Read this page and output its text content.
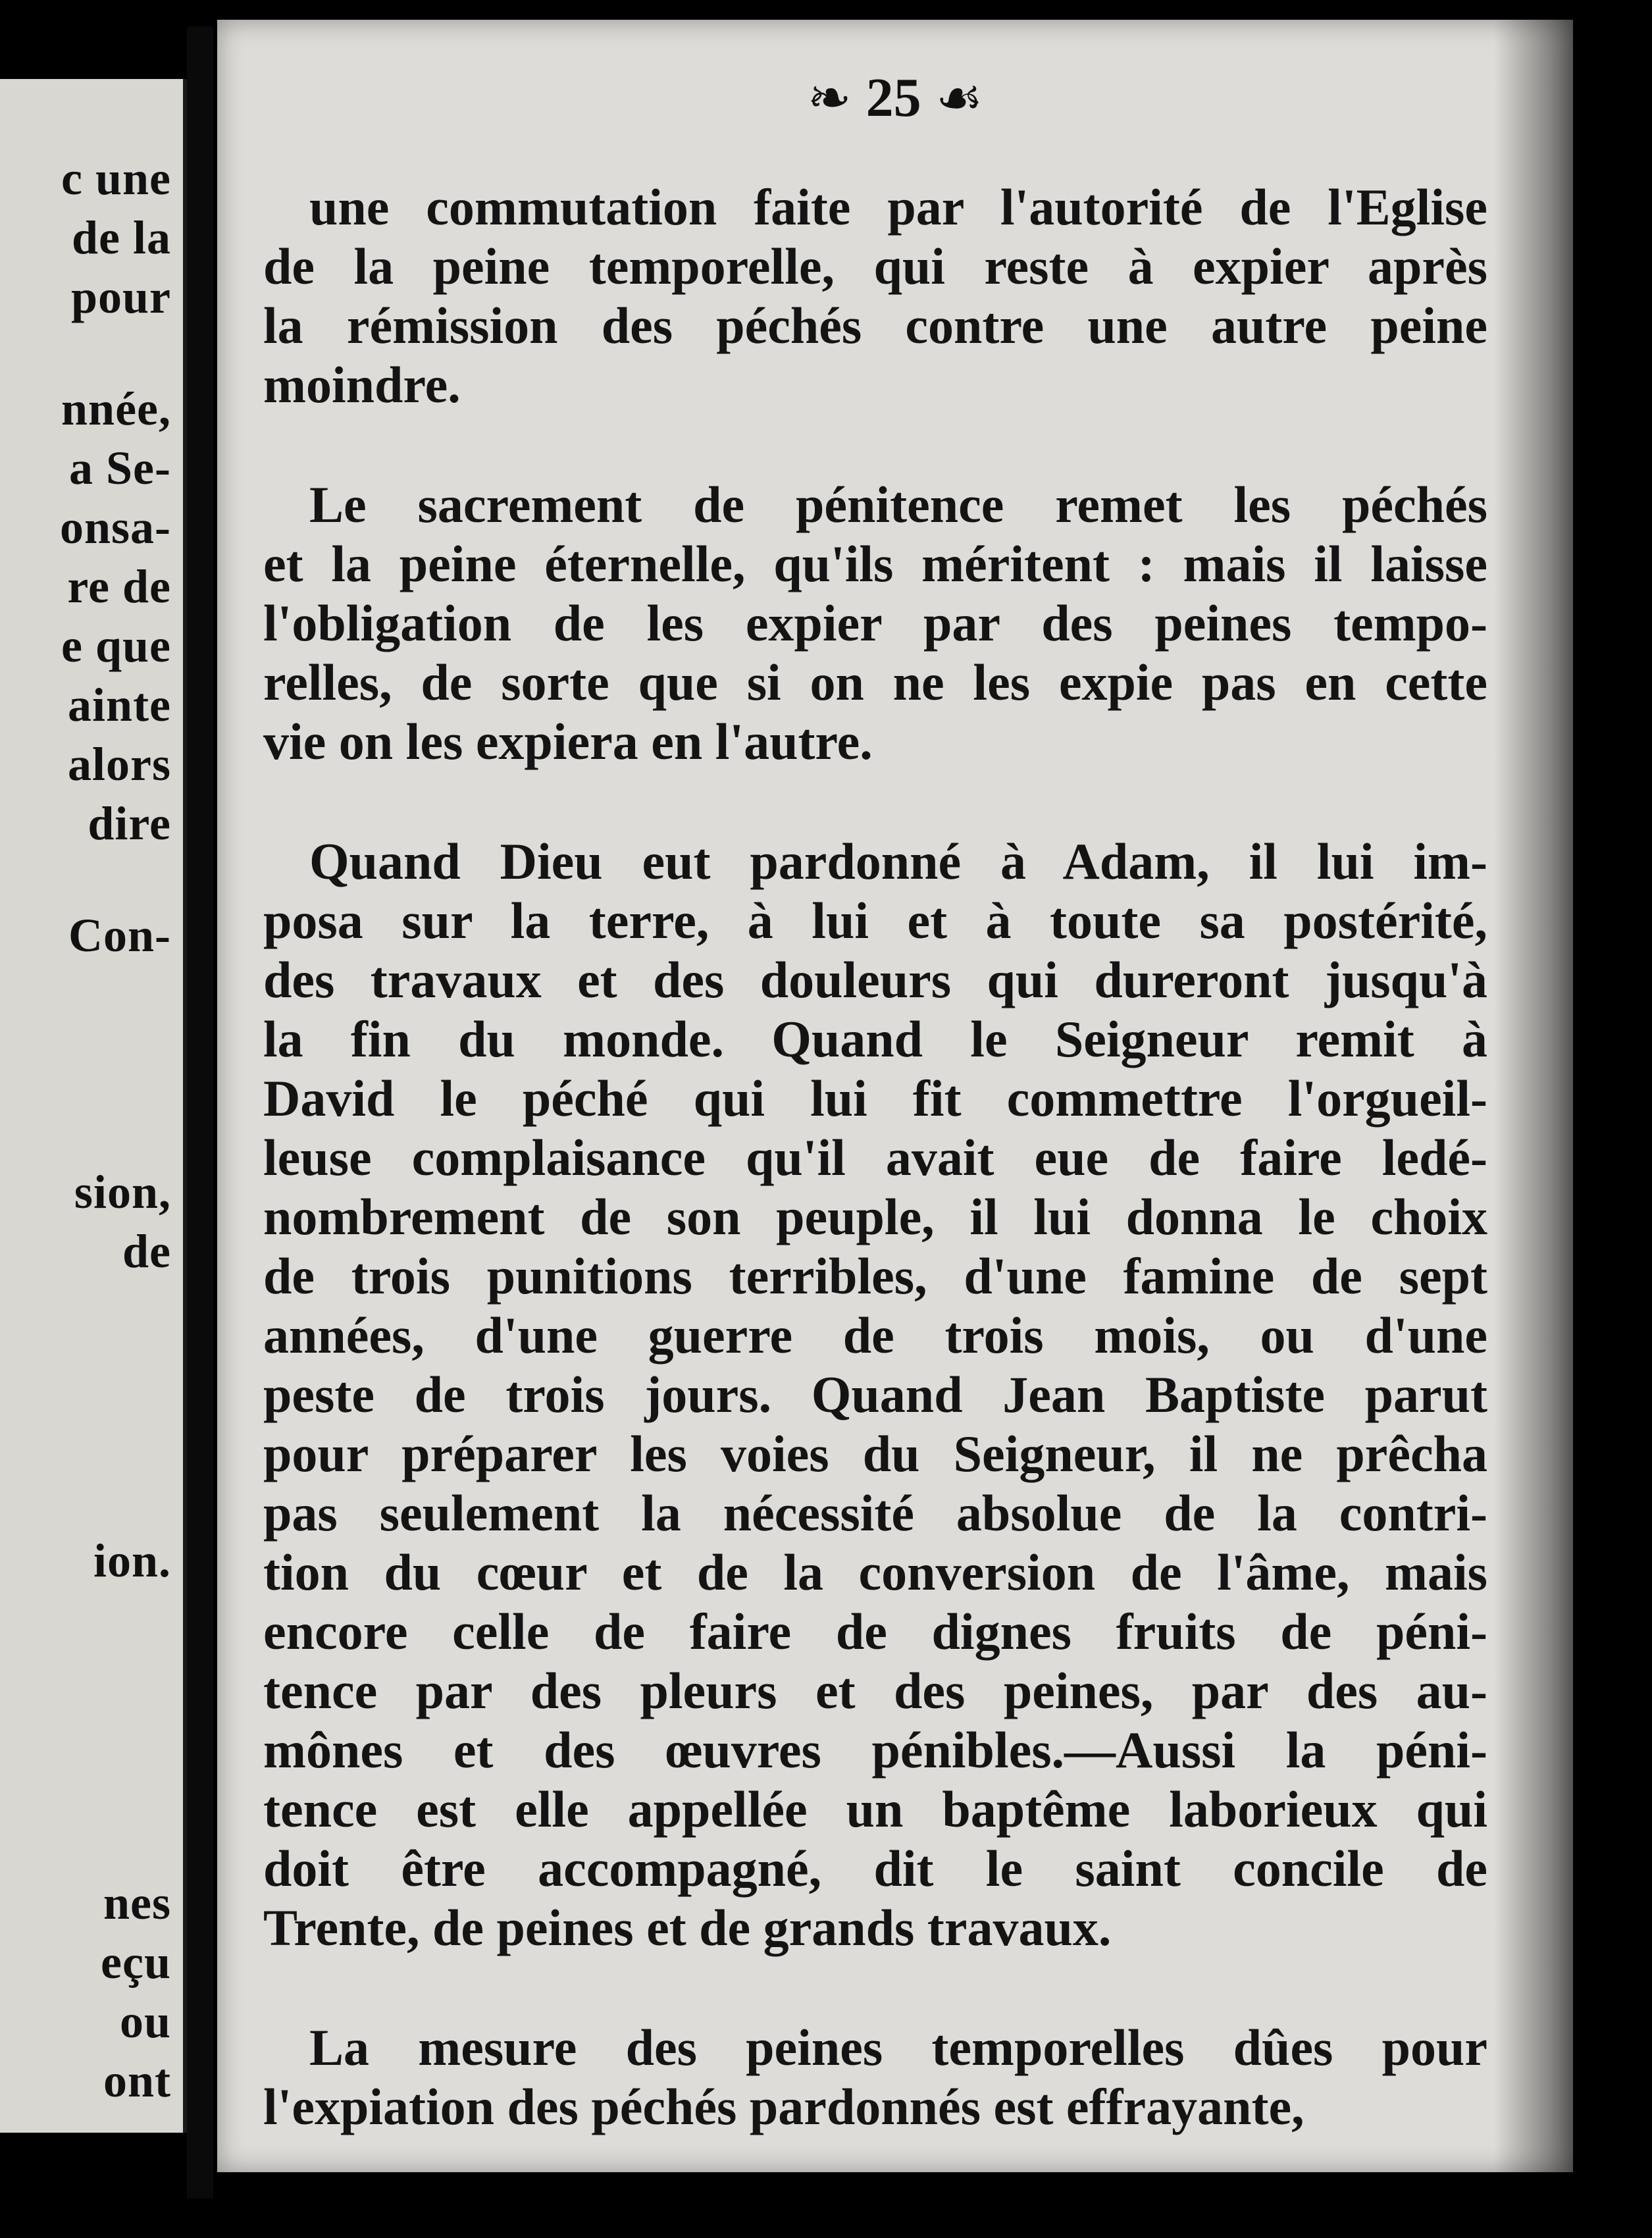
c une
de la
pour
nnée,
a Se-
onsa-
re de
e que
ainte
alors
dire
Con-
sion,
de
ion.
nes
eçu
ou
ont
❧ 25 ☙
une commutation faite par l'autorité de l'Eglise
de la peine temporelle, qui reste à expier après
la rémission des péchés contre une autre peine
moindre.
Le sacrement de pénitence remet les péchés
et la peine éternelle, qu'ils méritent : mais il laisse
l'obligation de les expier par des peines tempo-
relles, de sorte que si on ne les expie pas en cette
vie on les expiera en l'autre.
Quand Dieu eut pardonné à Adam, il lui im-
posa sur la terre, à lui et à toute sa postérité,
des travaux et des douleurs qui dureront jusqu'à
la fin du monde. Quand le Seigneur remit à
David le péché qui lui fit commettre l'orgueil-
leuse complaisance qu'il avait eue de faire ledé-
nombrement de son peuple, il lui donna le choix
de trois punitions terribles, d'une famine de sept
années, d'une guerre de trois mois, ou d'une
peste de trois jours. Quand Jean Baptiste parut
pour préparer les voies du Seigneur, il ne prêcha
pas seulement la nécessité absolue de la contri-
tion du cœur et de la conversion de l'âme, mais
encore celle de faire de dignes fruits de péni-
tence par des pleurs et des peines, par des au-
mônes et des œuvres pénibles.—Aussi la péni-
tence est elle appellée un baptême laborieux qui
doit être accompagné, dit le saint concile de
Trente, de peines et de grands travaux.
La mesure des peines temporelles dûes pour
l'expiation des péchés pardonnés est effrayante,
